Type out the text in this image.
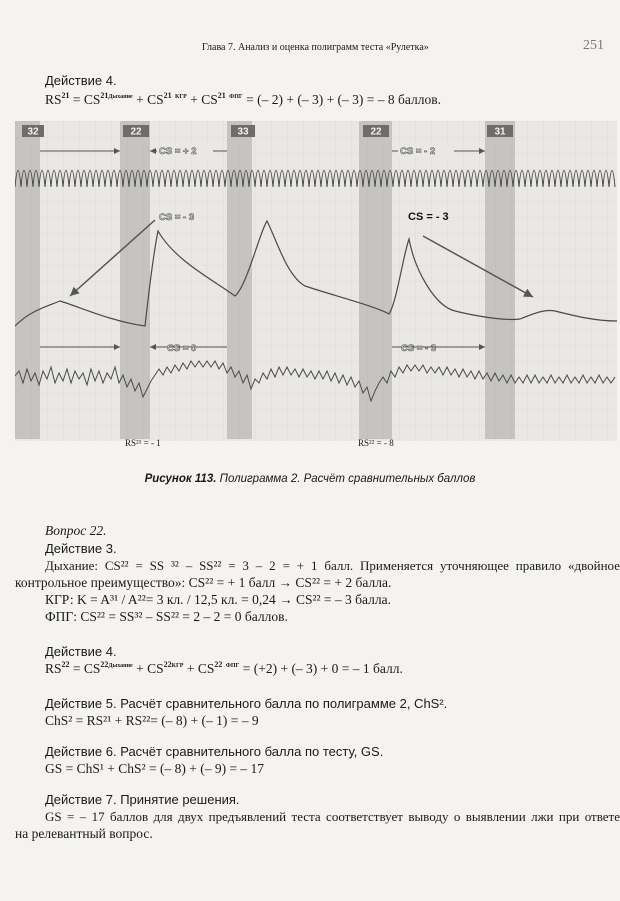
Глава 7. Анализ и оценка полиграмм теста «Рулетка»	251
Действие 4.
$RS^{21} = CS^{21Дыхание} + CS^{21}$ $^{КГР} + CS^{21}$ $^{ФПГ}$ = (– 2) + (– 3) + (– 3) = – 8 баллов.
32	22	33	22	31
CS = + 2	CS = - 2
CS = - 3	CS = - 3
CS = 0	CS = - 3
RS²¹ = - 1	RS²² = - 8
Рисунок 113. Полиграмма 2. Расчёт сравнительных баллов
Вопрос 22.
Действие 3.
Дыхание: CS²² = SS ³² – SS²² = 3 – 2 = + 1 балл. Применяется уточняющее правило «двойное
контрольное преимущество»: CS²² = + 1 балл → CS²² = + 2 балла.
КГР: K = A³¹ / A²²= 3 кл. / 12,5 кл. = 0,24 → CS²² = – 3 балла.
ФПГ: CS²² = SS³² – SS²² = 2 – 2 = 0 баллов.
Действие 4.
$RS^{22} = CS^{22Дыхание} + CS^{22КГР} + CS^{22}$ $^{ФПГ}$ = (+2) + (– 3) + 0 = – 1 балл.
Действие 5. Расчёт сравнительного балла по полиграмме 2, ChS².
ChS² = RS²¹ + RS²²= (– 8) + (– 1) = – 9
Действие 6. Расчёт сравнительного балла по тесту, GS.
GS = ChS¹ + ChS² = (– 8) + (– 9) = – 17
Действие 7. Принятие решения.
GS = – 17 баллов для двух предъявлений теста соответствует выводу о выявлении лжи при ответе
на релевантный вопрос.
